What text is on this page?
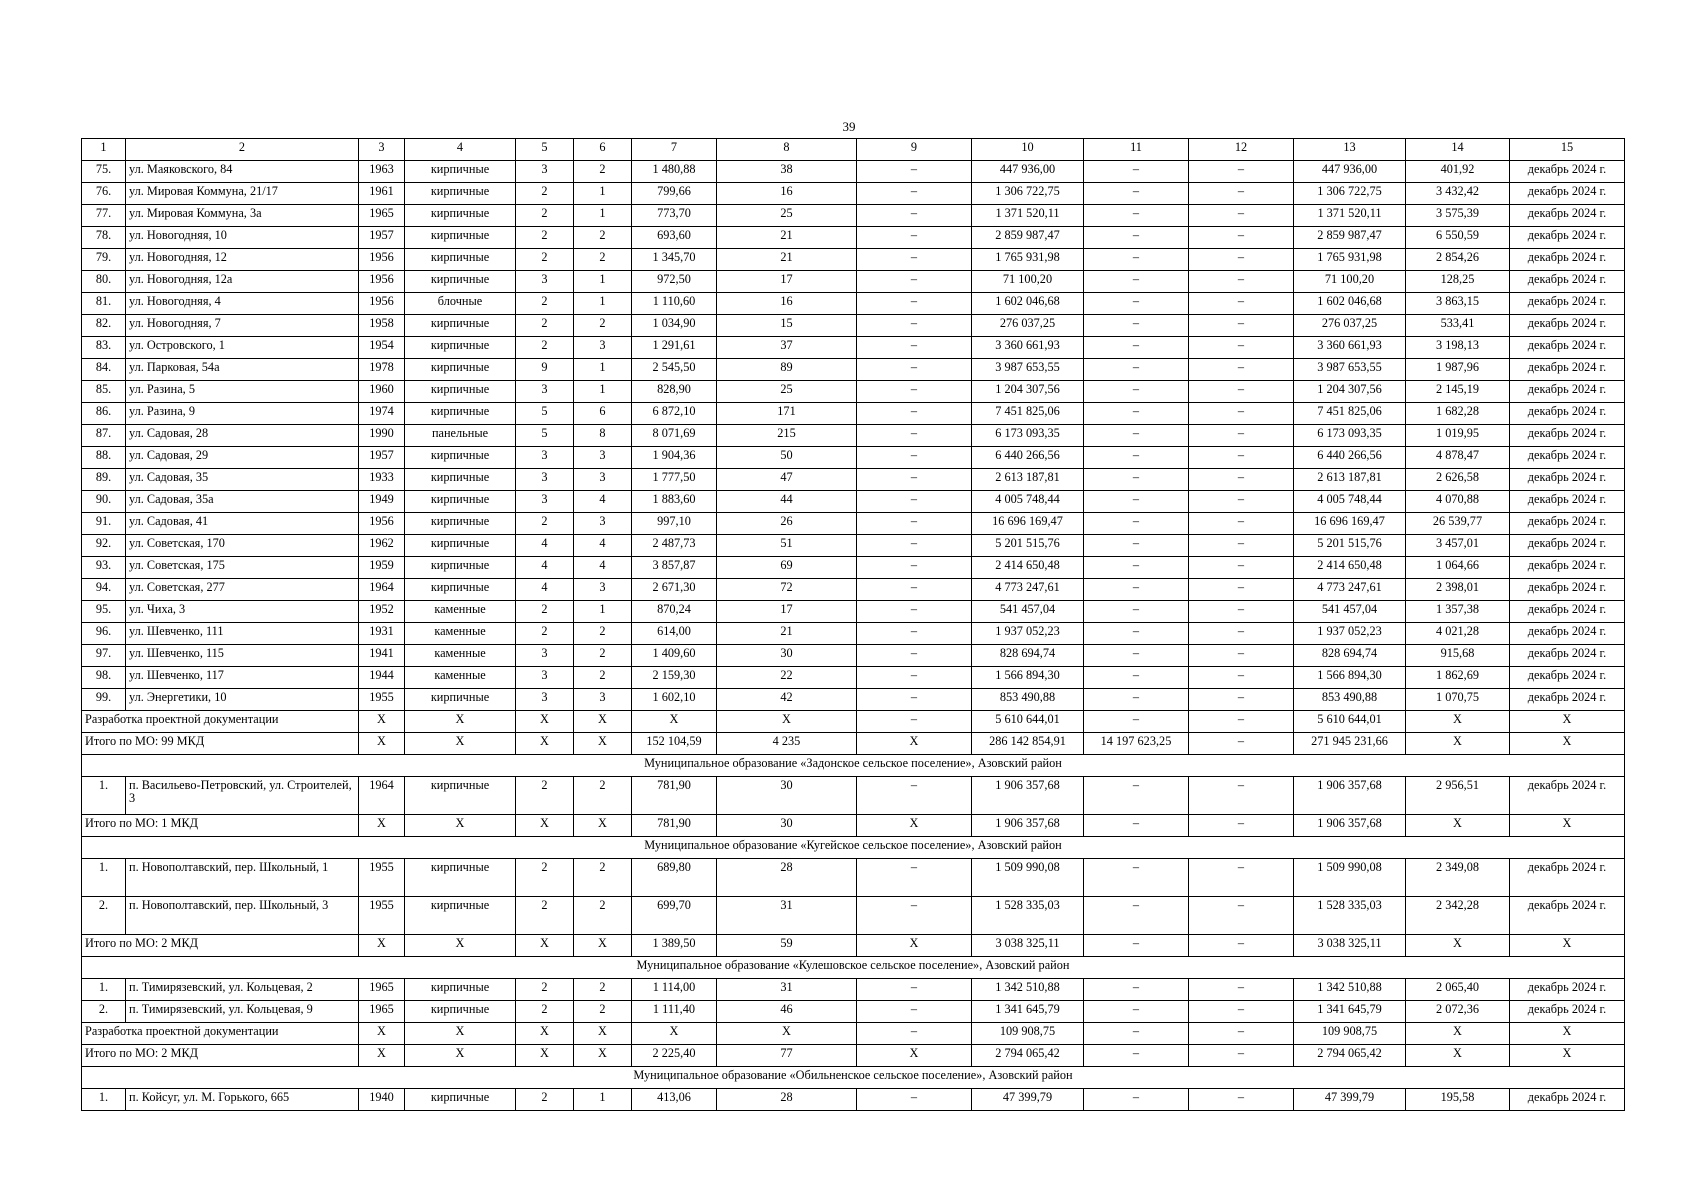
39
1	2	3	4	5	6	7	8	9	10	11	12	13	14	15
75.	ул. Маяковского, 84	1963	кирпичные	3	2	1 480,88	38	–	447 936,00	–	–	447 936,00	401,92	декабрь 2024 г.
76.	ул. Мировая Коммуна, 21/17	1961	кирпичные	2	1	799,66	16	–	1 306 722,75	–	–	1 306 722,75	3 432,42	декабрь 2024 г.
77.	ул. Мировая Коммуна, 3а	1965	кирпичные	2	1	773,70	25	–	1 371 520,11	–	–	1 371 520,11	3 575,39	декабрь 2024 г.
78.	ул. Новогодняя, 10	1957	кирпичные	2	2	693,60	21	–	2 859 987,47	–	–	2 859 987,47	6 550,59	декабрь 2024 г.
79.	ул. Новогодняя, 12	1956	кирпичные	2	2	1 345,70	21	–	1 765 931,98	–	–	1 765 931,98	2 854,26	декабрь 2024 г.
80.	ул. Новогодняя, 12а	1956	кирпичные	3	1	972,50	17	–	71 100,20	–	–	71 100,20	128,25	декабрь 2024 г.
81.	ул. Новогодняя, 4	1956	блочные	2	1	1 110,60	16	–	1 602 046,68	–	–	1 602 046,68	3 863,15	декабрь 2024 г.
82.	ул. Новогодняя, 7	1958	кирпичные	2	2	1 034,90	15	–	276 037,25	–	–	276 037,25	533,41	декабрь 2024 г.
83.	ул. Островского, 1	1954	кирпичные	2	3	1 291,61	37	–	3 360 661,93	–	–	3 360 661,93	3 198,13	декабрь 2024 г.
84.	ул. Парковая, 54а	1978	кирпичные	9	1	2 545,50	89	–	3 987 653,55	–	–	3 987 653,55	1 987,96	декабрь 2024 г.
85.	ул. Разина, 5	1960	кирпичные	3	1	828,90	25	–	1 204 307,56	–	–	1 204 307,56	2 145,19	декабрь 2024 г.
86.	ул. Разина, 9	1974	кирпичные	5	6	6 872,10	171	–	7 451 825,06	–	–	7 451 825,06	1 682,28	декабрь 2024 г.
87.	ул. Садовая, 28	1990	панельные	5	8	8 071,69	215	–	6 173 093,35	–	–	6 173 093,35	1 019,95	декабрь 2024 г.
88.	ул. Садовая, 29	1957	кирпичные	3	3	1 904,36	50	–	6 440 266,56	–	–	6 440 266,56	4 878,47	декабрь 2024 г.
89.	ул. Садовая, 35	1933	кирпичные	3	3	1 777,50	47	–	2 613 187,81	–	–	2 613 187,81	2 626,58	декабрь 2024 г.
90.	ул. Садовая, 35а	1949	кирпичные	3	4	1 883,60	44	–	4 005 748,44	–	–	4 005 748,44	4 070,88	декабрь 2024 г.
91.	ул. Садовая, 41	1956	кирпичные	2	3	997,10	26	–	16 696 169,47	–	–	16 696 169,47	26 539,77	декабрь 2024 г.
92.	ул. Советская, 170	1962	кирпичные	4	4	2 487,73	51	–	5 201 515,76	–	–	5 201 515,76	3 457,01	декабрь 2024 г.
93.	ул. Советская, 175	1959	кирпичные	4	4	3 857,87	69	–	2 414 650,48	–	–	2 414 650,48	1 064,66	декабрь 2024 г.
94.	ул. Советская, 277	1964	кирпичные	4	3	2 671,30	72	–	4 773 247,61	–	–	4 773 247,61	2 398,01	декабрь 2024 г.
95.	ул. Чиха, 3	1952	каменные	2	1	870,24	17	–	541 457,04	–	–	541 457,04	1 357,38	декабрь 2024 г.
96.	ул. Шевченко, 111	1931	каменные	2	2	614,00	21	–	1 937 052,23	–	–	1 937 052,23	4 021,28	декабрь 2024 г.
97.	ул. Шевченко, 115	1941	каменные	3	2	1 409,60	30	–	828 694,74	–	–	828 694,74	915,68	декабрь 2024 г.
98.	ул. Шевченко, 117	1944	каменные	3	2	2 159,30	22	–	1 566 894,30	–	–	1 566 894,30	1 862,69	декабрь 2024 г.
99.	ул. Энергетики, 10	1955	кирпичные	3	3	1 602,10	42	–	853 490,88	–	–	853 490,88	1 070,75	декабрь 2024 г.
Разработка проектной документации		X	X	X	X	X	X	–	5 610 644,01	–	–	5 610 644,01	X	X
Итого по МО: 99 МКД		X	X	X	X	152 104,59	4 235	X	286 142 854,91	14 197 623,25	–	271 945 231,66	X	X
Муниципальное образование «Задонское сельское поселение», Азовский район														
1.	п. Васильево-Петровский, ул. Строителей, 3	1964	кирпичные	2	2	781,90	30	–	1 906 357,68	–	–	1 906 357,68	2 956,51	декабрь 2024 г.
Итого по МО: 1 МКД		X	X	X	X	781,90	30	X	1 906 357,68	–	–	1 906 357,68	X	X
Муниципальное образование «Кугейское сельское поселение», Азовский район														
1.	п. Новополтавский, пер. Школьный, 1	1955	кирпичные	2	2	689,80	28	–	1 509 990,08	–	–	1 509 990,08	2 349,08	декабрь 2024 г.
2.	п. Новополтавский, пер. Школьный, 3	1955	кирпичные	2	2	699,70	31	–	1 528 335,03	–	–	1 528 335,03	2 342,28	декабрь 2024 г.
Итого по МО: 2 МКД		X	X	X	X	1 389,50	59	X	3 038 325,11	–	–	3 038 325,11	X	X
Муниципальное образование «Кулешовское сельское поселение», Азовский район														
1.	п. Тимирязевский, ул. Кольцевая, 2	1965	кирпичные	2	2	1 114,00	31	–	1 342 510,88	–	–	1 342 510,88	2 065,40	декабрь 2024 г.
2.	п. Тимирязевский, ул. Кольцевая, 9	1965	кирпичные	2	2	1 111,40	46	–	1 341 645,79	–	–	1 341 645,79	2 072,36	декабрь 2024 г.
Разработка проектной документации		X	X	X	X	X	X	–	109 908,75	–	–	109 908,75	X	X
Итого по МО: 2 МКД		X	X	X	X	2 225,40	77	X	2 794 065,42	–	–	2 794 065,42	X	X
Муниципальное образование «Обильненское сельское поселение», Азовский район														
1.	п. Койсуг, ул. М. Горького, 665	1940	кирпичные	2	1	413,06	28	–	47 399,79	–	–	47 399,79	195,58	декабрь 2024 г.
